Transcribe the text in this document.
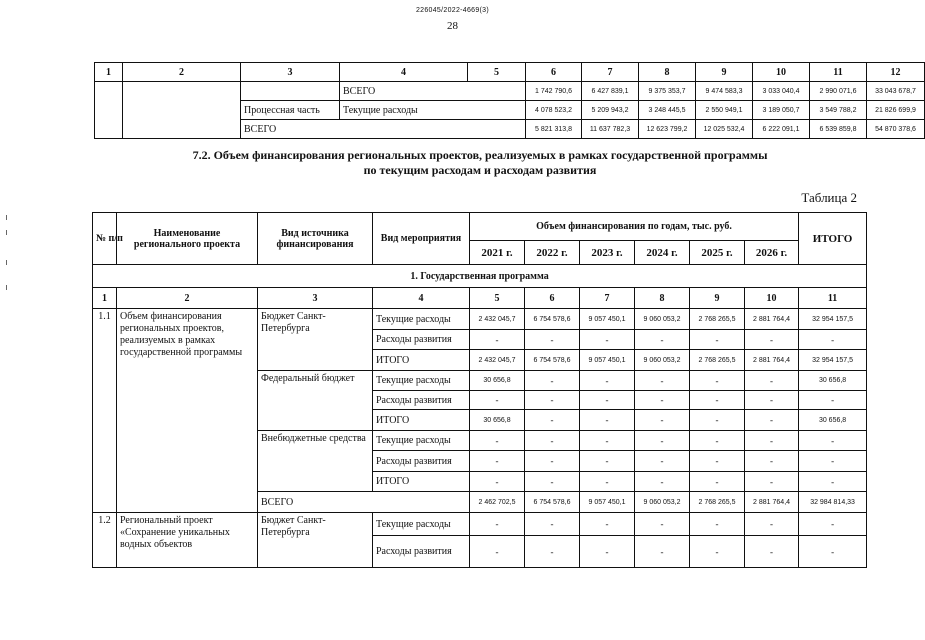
226045/2022-4669(3)
28
1	2	3	4	5	6	7	8	9	10	11	12
			ВСЕГО		1 742 790,6	6 427 839,1	9 375 353,7	9 474 583,3	3 033 040,4	2 990 071,6	33 043 678,7
		Процессная часть	Текущие расходы		4 078 523,2	5 209 943,2	3 248 445,5	2 550 949,1	3 189 050,7	3 549 788,2	21 826 699,9
		ВСЕГО			5 821 313,8	11 637 782,3	12 623 799,2	12 025 532,4	6 222 091,1	6 539 859,8	54 870 378,6
7.2. Объем финансирования региональных проектов, реализуемых в рамках государственной программы
по текущим расходам и расходам развития
Таблица 2
№ п/п	Наименование регионального проекта	Вид источника финансирования	Вид мероприятия	Объем финансирования по годам, тыс. руб.						ИТОГО
				2021 г.	2022 г.	2023 г.	2024 г.	2025 г.	2026 г.	
1. Государственная программа										
1	2	3	4	5	6	7	8	9	10	11
1.1	Объем финансирования региональных проектов, реализуемых в рамках государственной программы	Бюджет Санкт-Петербурга	Текущие расходы	2 432 045,7	6 754 578,6	9 057 450,1	9 060 053,2	2 768 265,5	2 881 764,4	32 954 157,5
			Расходы развития	-	-	-	-	-	-	-
			ИТОГО	2 432 045,7	6 754 578,6	9 057 450,1	9 060 053,2	2 768 265,5	2 881 764,4	32 954 157,5
		Федеральный бюджет	Текущие расходы	30 656,8	-	-	-	-	-	30 656,8
			Расходы развития	-	-	-	-	-	-	-
			ИТОГО	30 656,8	-	-	-	-	-	30 656,8
		Внебюджетные средства	Текущие расходы	-	-	-	-	-	-	-
			Расходы развития	-	-	-	-	-	-	-
			ИТОГО	-	-	-	-	-	-	-
		ВСЕГО		2 462 702,5	6 754 578,6	9 057 450,1	9 060 053,2	2 768 265,5	2 881 764,4	32 984 814,33
1.2	Региональный проект «Сохранение уникальных водных объектов	Бюджет Санкт-Петербурга	Текущие расходы	-	-	-	-	-	-	-
			Расходы развития	-	-	-	-	-	-	-
